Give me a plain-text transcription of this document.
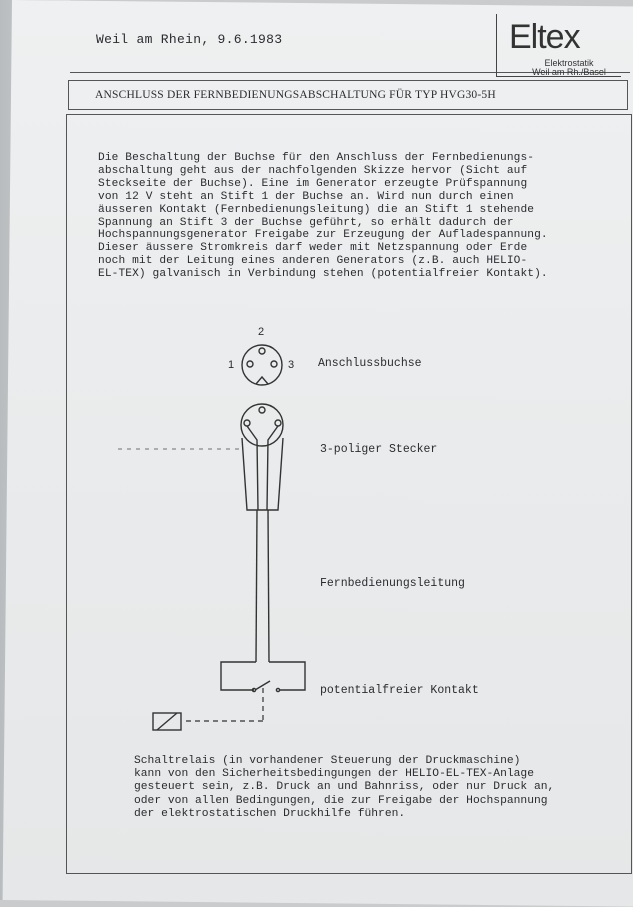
Weil am Rhein, 9.6.1983	Eltex
Elektrostatik
Weil am Rh./Basel
ANSCHLUSS DER FERNBEDIENUNGSABSCHALTUNG FÜR TYP HVG30-5H
Die Beschaltung der Buchse für den Anschluss der Fernbedienungs-
abschaltung geht aus der nachfolgenden Skizze hervor (Sicht auf
Steckseite der Buchse). Eine im Generator erzeugte Prüfspannung
von 12 V steht an Stift 1 der Buchse an. Wird nun durch einen
äusseren Kontakt (Fernbedienungsleitung) die an Stift 1 stehende
Spannung an Stift 3 der Buchse geführt, so erhält dadurch der
Hochspannungsgenerator Freigabe zur Erzeugung der Aufladespannung.
Dieser äussere Stromkreis darf weder mit Netzspannung oder Erde
noch mit der Leitung eines anderen Generators (z.B. auch HELIO-
EL-TEX) galvanisch in Verbindung stehen (potentialfreier Kontakt).
1
2
3 Anschlussbuchse
3-poliger Stecker
Fernbedienungsleitung
potentialfreier Kontakt
Schaltrelais (in vorhandener Steuerung der Druckmaschine)
kann von den Sicherheitsbedingungen der HELIO-EL-TEX-Anlage
gesteuert sein, z.B. Druck an und Bahnriss, oder nur Druck an,
oder von allen Bedingungen, die zur Freigabe der Hochspannung
der elektrostatischen Druckhilfe führen.
